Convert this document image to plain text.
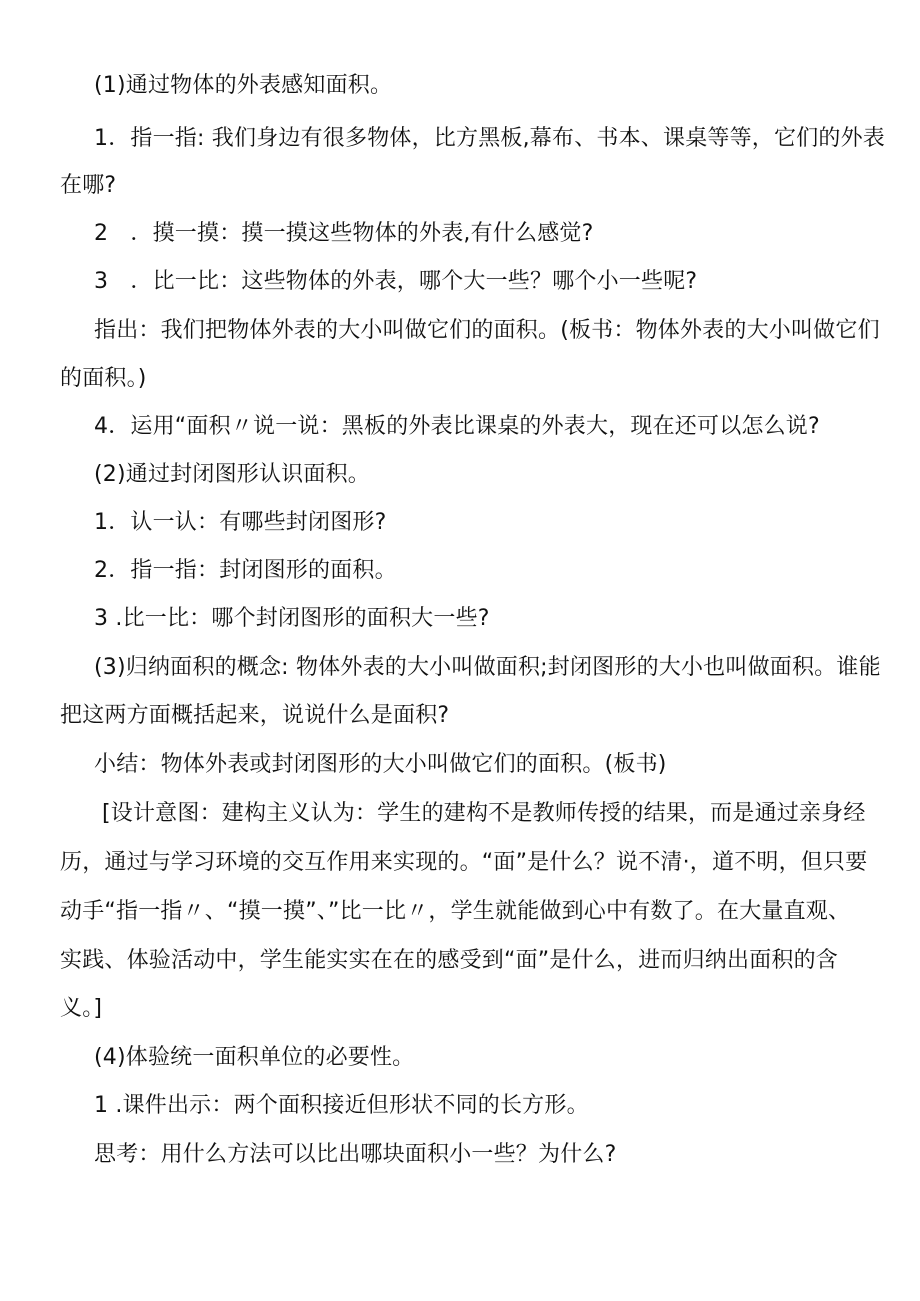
(1)通过物体的外表感知面积。
1．指一指: 我们身边有很多物体，比方黑板,幕布、书本、课桌等等，它们的外表
在哪?
2　．摸一摸：摸一摸这些物体的外表,有什么感觉?
3　．比一比：这些物体的外表，哪个大一些？哪个小一些呢?
指出：我们把物体外表的大小叫做它们的面积。(板书：物体外表的大小叫做它们
的面积。)
4．运用“面积〃说一说：黑板的外表比课桌的外表大，现在还可以怎么说?
(2)通过封闭图形认识面积。
1．认一认：有哪些封闭图形?
2．指一指：封闭图形的面积。
3 .比一比：哪个封闭图形的面积大一些?
(3)归纳面积的概念: 物体外表的大小叫做面积;封闭图形的大小也叫做面积。谁能
把这两方面概括起来，说说什么是面积?
小结：物体外表或封闭图形的大小叫做它们的面积。(板书)
[设计意图：建构主义认为：学生的建构不是教师传授的结果，而是通过亲身经
历，通过与学习环境的交互作用来实现的。“面”是什么？说不清·，道不明，但只要
动手“指一指〃、“摸一摸”、”比一比〃，学生就能做到心中有数了。在大量直观、
实践、体验活动中，学生能实实在在的感受到“面”是什么，进而归纳出面积的含
义。]
(4)体验统一面积单位的必要性。
1 .课件出示：两个面积接近但形状不同的长方形。
思考：用什么方法可以比出哪块面积小一些？为什么?
